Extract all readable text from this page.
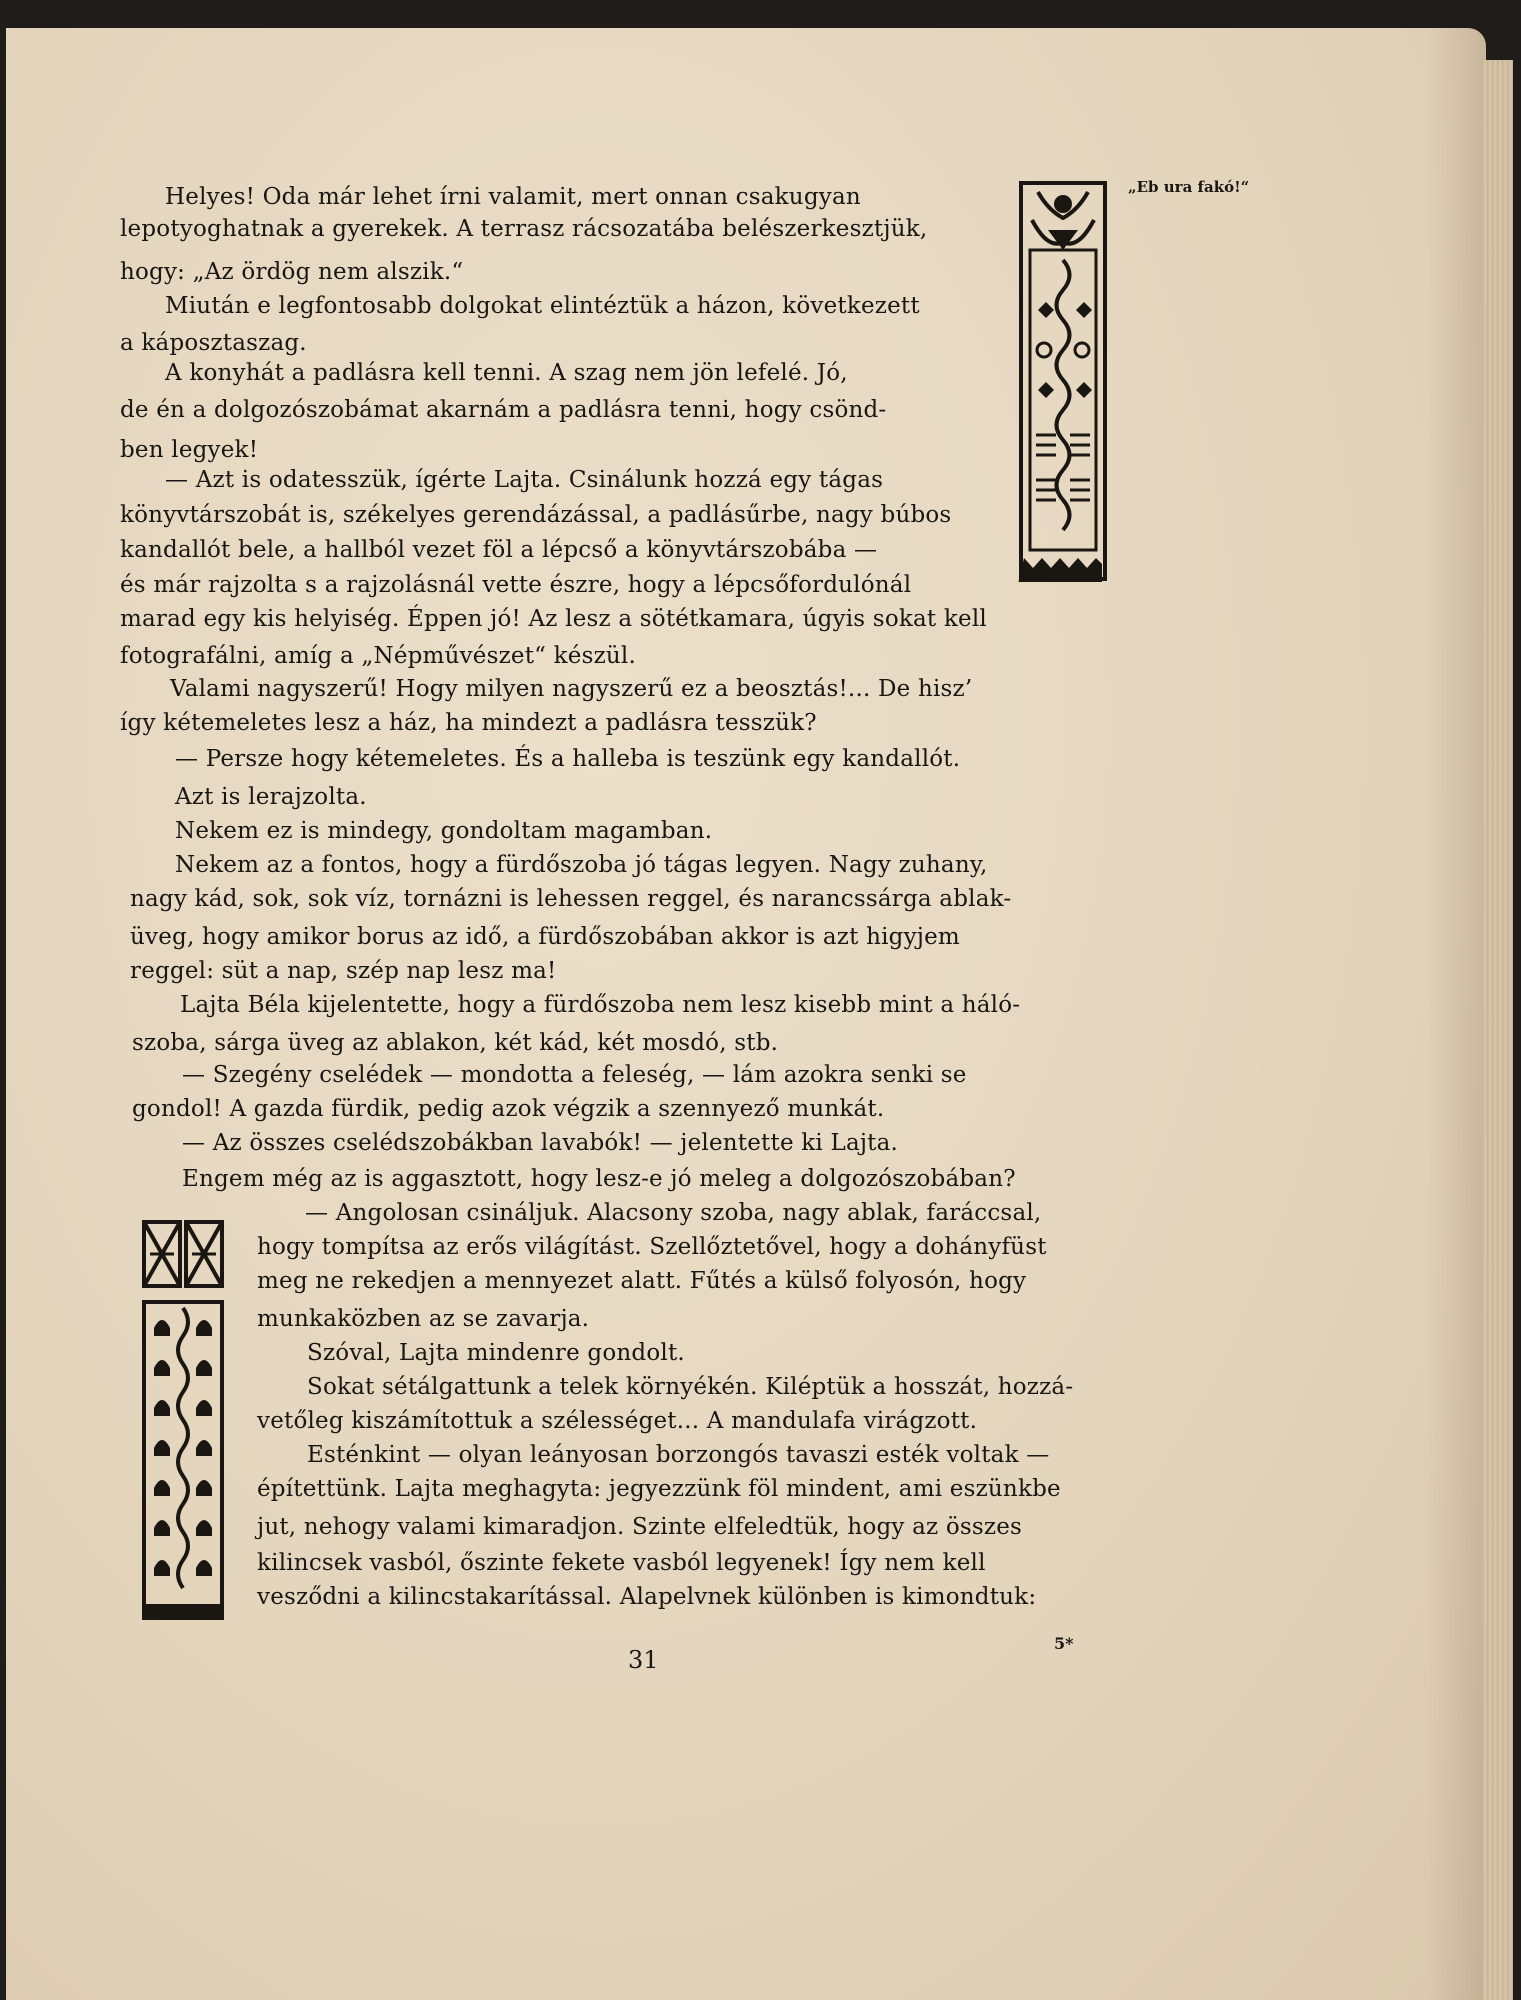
„Eb ura fakó!“
Helyes! Oda már lehet írni valamit, mert onnan csakugyan
lepotyoghatnak a gyerekek. A terrasz rácsozatába belészerkesztjük,
hogy: „Az ördög nem alszik.“
Miután e legfontosabb dolgokat elintéztük a házon, következett
a káposztaszag.
A konyhát a padlásra kell tenni. A szag nem jön lefelé. Jó,
de én a dolgozószobámat akarnám a padlásra tenni, hogy csönd-
ben legyek!
— Azt is odatesszük, ígérte Lajta. Csinálunk hozzá egy tágas
könyvtárszobát is, székelyes gerendázással, a padlásűrbe, nagy búbos
kandallót bele, a hallból vezet föl a lépcső a könyvtárszobába —
és már rajzolta s a rajzolásnál vette észre, hogy a lépcsőfordulónál
marad egy kis helyiség. Éppen jó! Az lesz a sötétkamara, úgyis sokat kell
fotografálni, amíg a „Népművészet“ készül.
Valami nagyszerű! Hogy milyen nagyszerű ez a beosztás!... De hisz’
így kétemeletes lesz a ház, ha mindezt a padlásra tesszük?
— Persze hogy kétemeletes. És a halleba is teszünk egy kandallót.
Azt is lerajzolta.
Nekem ez is mindegy, gondoltam magamban.
Nekem az a fontos, hogy a fürdőszoba jó tágas legyen. Nagy zuhany,
nagy kád, sok, sok víz, tornázni is lehessen reggel, és narancssárga ablak-
üveg, hogy amikor borus az idő, a fürdőszobában akkor is azt higyjem
reggel: süt a nap, szép nap lesz ma!
Lajta Béla kijelentette, hogy a fürdőszoba nem lesz kisebb mint a háló-
szoba, sárga üveg az ablakon, két kád, két mosdó, stb.
— Szegény cselédek — mondotta a feleség, — lám azokra senki se
gondol! A gazda fürdik, pedig azok végzik a szennyező munkát.
— Az összes cselédszobákban lavabók! — jelentette ki Lajta.
Engem még az is aggasztott, hogy lesz-e jó meleg a dolgozószobában?
— Angolosan csináljuk. Alacsony szoba, nagy ablak, faráccsal,
hogy tompítsa az erős világítást. Szellőztetővel, hogy a dohányfüst
meg ne rekedjen a mennyezet alatt. Fűtés a külső folyosón, hogy
munkaközben az se zavarja.
Szóval, Lajta mindenre gondolt.
Sokat sétálgattunk a telek környékén. Kiléptük a hosszát, hozzá-
vetőleg kiszámítottuk a szélességet... A mandulafa virágzott.
Esténkint — olyan leányosan borzongós tavaszi esték voltak —
építettünk. Lajta meghagyta: jegyezzünk föl mindent, ami eszünkbe
jut, nehogy valami kimaradjon. Szinte elfeledtük, hogy az összes
kilincsek vasból, őszinte fekete vasból legyenek! Így nem kell
vesződni a kilincstakarítással. Alapelvnek különben is kimondtuk:
31
5*
